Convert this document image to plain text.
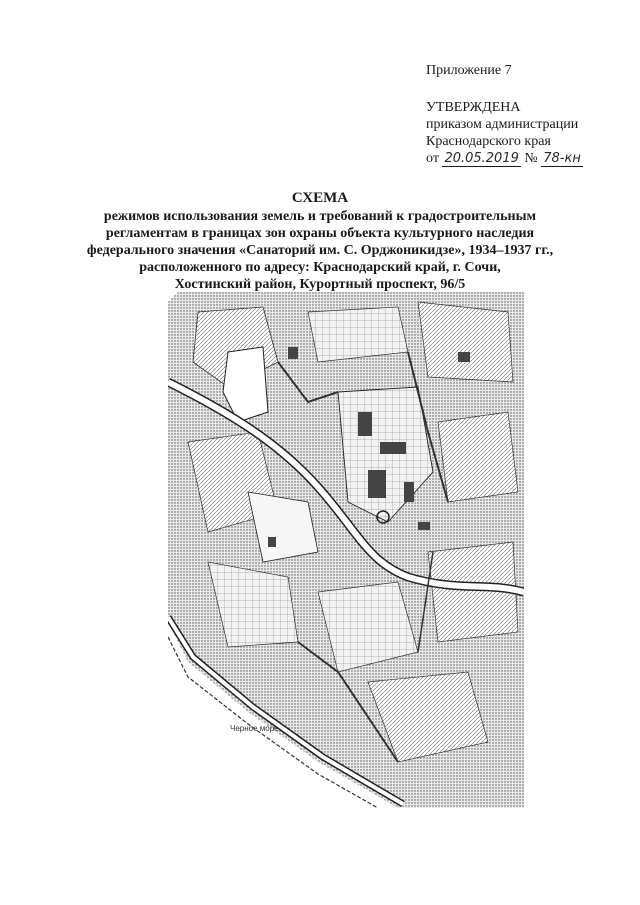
Приложение 7
УТВЕРЖДЕНА
приказом администрации
Краснодарского края
от 20.05.2019 № 78-кн
СХЕМА
режимов использования земель и требований к градостроительным
регламентам в границах зон охраны объекта культурного наследия
федерального значения «Санаторий им. С. Орджоникидзе», 1934–1937 гг.,
расположенного по адресу: Краснодарский край, г. Сочи,
Хостинский район, Курортный проспект, 96/5
Черное море
